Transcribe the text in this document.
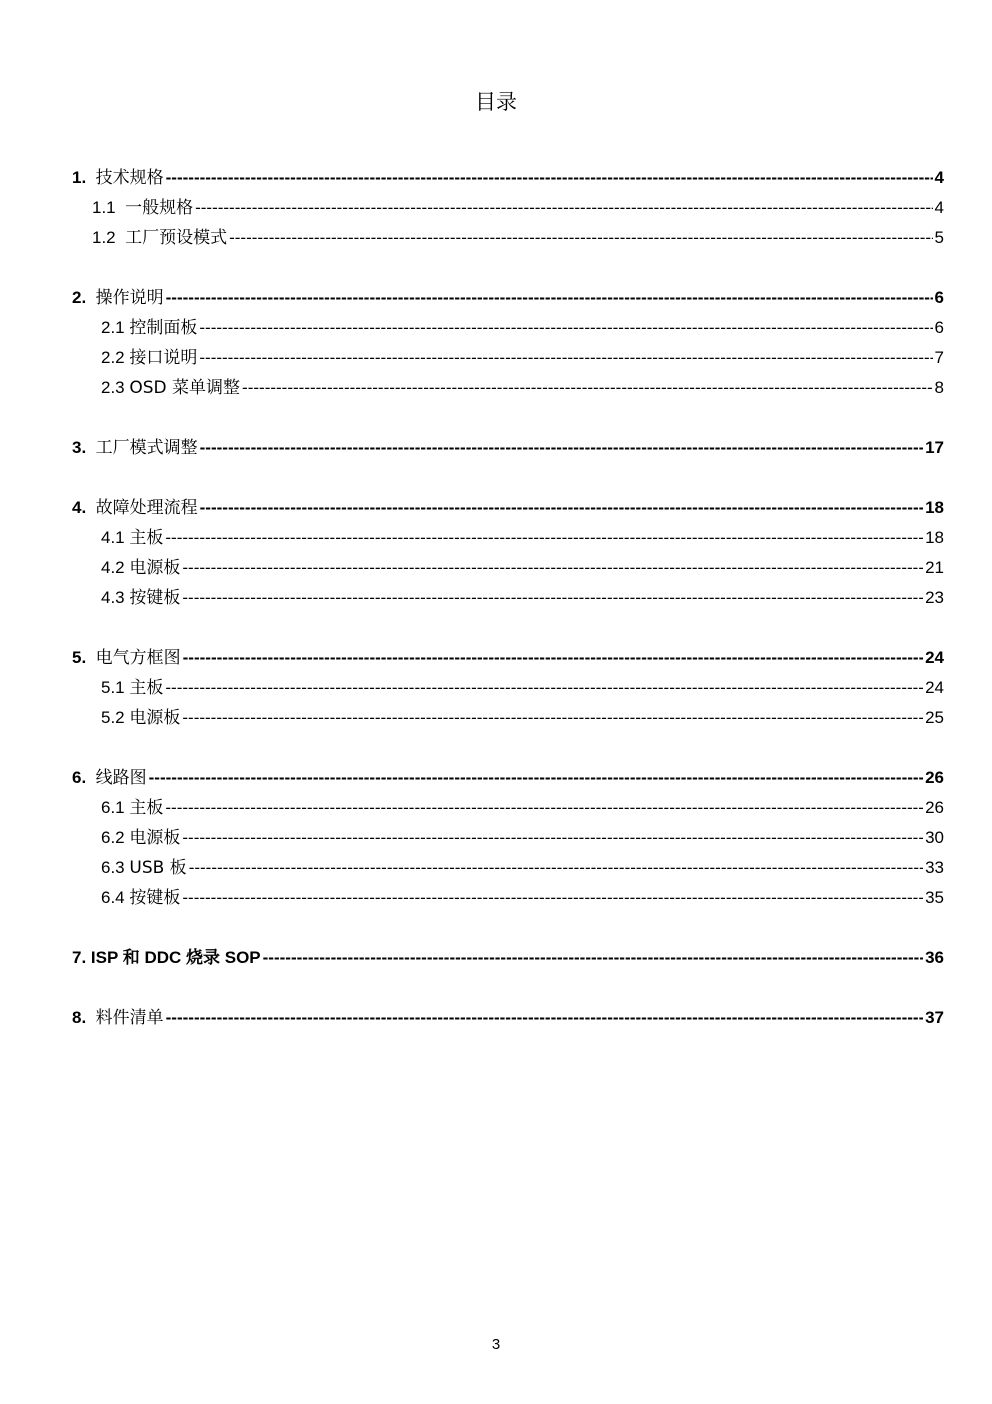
目录
1. 技术规格 -----	4
1.1 一般规格 -----	4
1.2 工厂预设模式 -----	5
2. 操作说明 -----	6
2.1 控制面板 -----	6
2.2 接口说明 -----	7
2.3 OSD 菜单调整 -----	8
3. 工厂模式调整 -----	17
4. 故障处理流程 -----	18
4.1 主板 -----	18
4.2 电源板 -----	21
4.3 按键板 -----	23
5. 电气方框图 -----	24
5.1 主板 -----	24
5.2 电源板 -----	25
6. 线路图 -----	26
6.1 主板 -----	26
6.2 电源板 -----	30
6.3 USB 板 -----	33
6.4 按键板 -----	35
7. ISP 和 DDC 烧录 SOP -----	36
8. 料件清单 -----	37
3
